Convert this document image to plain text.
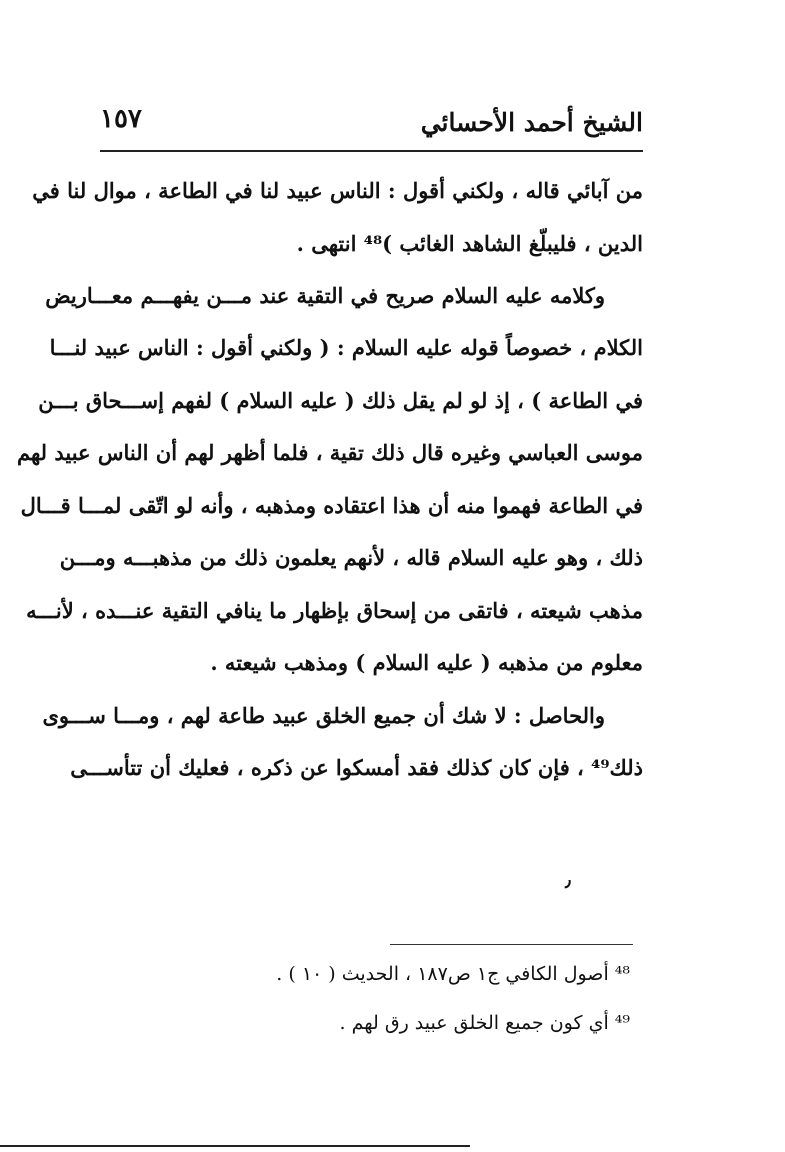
الشيخ أحمد الأحسائي
١٥٧
من آبائي قاله ، ولكني أقول : الناس عبيد لنا في الطاعة ، موال لنا في
الدين ، فليبلّغ الشاهد الغائب )⁴⁸ انتهى .
وكلامه عليه السلام صريح في التقية عند مـــن يفهـــم معـــاريض
الكلام ، خصوصاً قوله عليه السلام : ( ولكني أقول : الناس عبيد لنـــا
في الطاعة ) ، إذ لو لم يقل ذلك ( عليه السلام ) لفهم إســـحاق بـــن
موسى العباسي وغيره قال ذلك تقية ، فلما أظهر لهم أن الناس عبيد لهم
في الطاعة فهموا منه أن هذا اعتقاده ومذهبه ، وأنه لو اتّقى لمـــا قـــال
ذلك ، وهو عليه السلام قاله ، لأنهم يعلمون ذلك من مذهبـــه ومـــن
مذهب شيعته ، فاتقى من إسحاق بإظهار ما ينافي التقية عنـــده ، لأنـــه
معلوم من مذهبه ( عليه السلام ) ومذهب شيعته .
والحاصل : لا شك أن جميع الخلق عبيد طاعة لهم ، ومـــا ســـوى
ذلك⁴⁹ ، فإن كان كذلك فقد أمسكوا عن ذكره ، فعليك أن تتأســـى
٫
⁴⁸ أصول الكافي ج١ ص١٨٧ ، الحديث ( ١٠ ) .
⁴⁹ أي كون جميع الخلق عبيد رق لهم .
